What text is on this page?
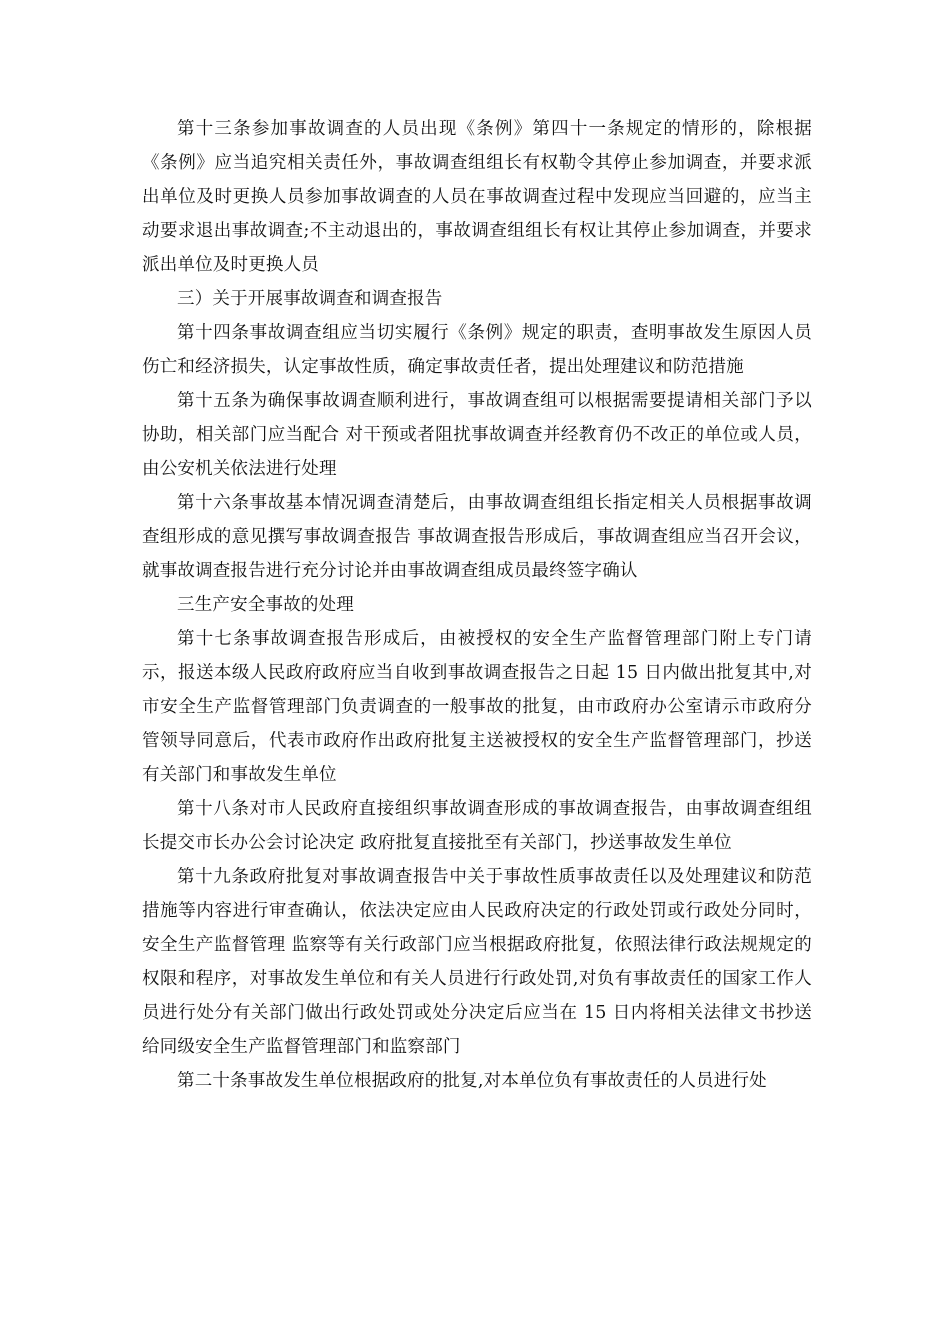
第十三条参加事故调查的人员出现《条例》第四十一条规定的情形的，除根据《条例》应当追究相关责任外，事故调查组组长有权勒令其停止参加调查，并要求派出单位及时更换人员参加事故调查的人员在事故调查过程中发现应当回避的，应当主动要求退出事故调查;不主动退出的，事故调查组组长有权让其停止参加调查，并要求派出单位及时更换人员

三）关于开展事故调查和调查报告

第十四条事故调查组应当切实履行《条例》规定的职责，查明事故发生原因人员伤亡和经济损失，认定事故性质，确定事故责任者，提出处理建议和防范措施

第十五条为确保事故调查顺利进行，事故调查组可以根据需要提请相关部门予以协助，相关部门应当配合 对干预或者阻扰事故调查并经教育仍不改正的单位或人员，由公安机关依法进行处理

第十六条事故基本情况调查清楚后，由事故调查组组长指定相关人员根据事故调查组形成的意见撰写事故调查报告 事故调查报告形成后，事故调查组应当召开会议，就事故调查报告进行充分讨论并由事故调查组成员最终签字确认

三生产安全事故的处理

第十七条事故调查报告形成后，由被授权的安全生产监督管理部门附上专门请示，报送本级人民政府政府应当自收到事故调查报告之日起 15 日内做出批复其中,对市安全生产监督管理部门负责调查的一般事故的批复，由市政府办公室请示市政府分管领导同意后，代表市政府作出政府批复主送被授权的安全生产监督管理部门，抄送有关部门和事故发生单位

第十八条对市人民政府直接组织事故调查形成的事故调查报告，由事故调查组组长提交市长办公会讨论决定 政府批复直接批至有关部门，抄送事故发生单位

第十九条政府批复对事故调查报告中关于事故性质事故责任以及处理建议和防范措施等内容进行审查确认，依法决定应由人民政府决定的行政处罚或行政处分同时，安全生产监督管理 监察等有关行政部门应当根据政府批复，依照法律行政法规规定的权限和程序，对事故发生单位和有关人员进行行政处罚,对负有事故责任的国家工作人员进行处分有关部门做出行政处罚或处分决定后应当在 15 日内将相关法律文书抄送给同级安全生产监督管理部门和监察部门

第二十条事故发生单位根据政府的批复,对本单位负有事故责任的人员进行处
